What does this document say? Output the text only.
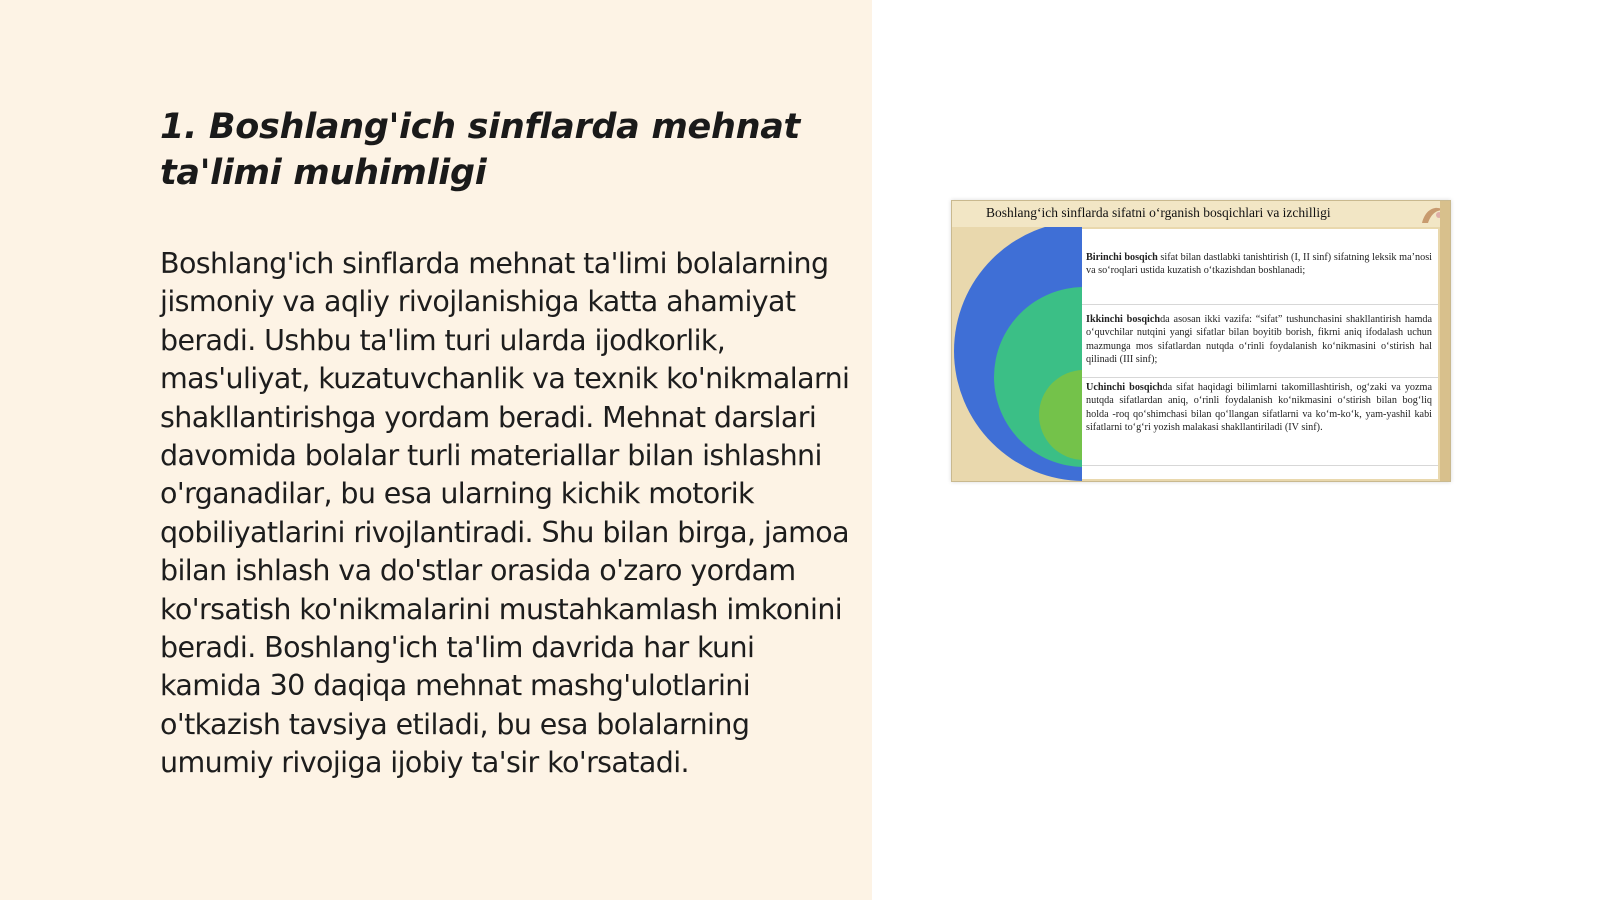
1. Boshlang'ich sinflarda mehnat ta'limi muhimligi

Boshlang'ich sinflarda mehnat ta'limi bolalarning jismoniy va aqliy rivojlanishiga katta ahamiyat beradi. Ushbu ta'lim turi ularda ijodkorlik, mas'uliyat, kuzatuvchanlik va texnik ko'nikmalarni shakllantirishga yordam beradi. Mehnat darslari davomida bolalar turli materiallar bilan ishlashni o'rganadilar, bu esa ularning kichik motorik qobiliyatlarini rivojlantiradi. Shu bilan birga, jamoa bilan ishlash va do'stlar orasida o'zaro yordam ko'rsatish ko'nikmalarini mustahkamlash imkonini beradi. Boshlang'ich ta'lim davrida har kuni kamida 30 daqiqa mehnat mashg'ulotlarini o'tkazish tavsiya etiladi, bu esa bolalarning umumiy rivojiga ijobiy ta'sir ko'rsatadi.

Boshlang‘ich sinflarda sifatni o‘rganish bosqichlari va izchilligi
Birinchi bosqich sifat bilan dastlabki tanishtirish (I, II sinf) sifatning leksik ma’nosi va so‘roqlari ustida kuzatish o‘tkazishdan boshlanadi;
Ikkinchi bosqichda asosan ikki vazifa: “sifat” tushunchasini shakllantirish hamda o‘quvchilar nutqini yangi sifatlar bilan boyitib borish, fikrni aniq ifodalash uchun mazmunga mos sifatlardan nutqda o‘rinli foydalanish ko‘nikmasini o‘stirish hal qilinadi (III sinf);
Uchinchi bosqichda sifat haqidagi bilimlarni takomillashtirish, og‘zaki va yozma nutqda sifatlardan aniq, o‘rinli foydalanish ko‘nikmasini o‘stirish bilan bog‘liq holda -roq qo‘shimchasi bilan qo‘llangan sifatlarni va ko‘m-ko‘k, yam-yashil kabi sifatlarni to‘g‘ri yozish malakasi shakllantiriladi (IV sinf).
